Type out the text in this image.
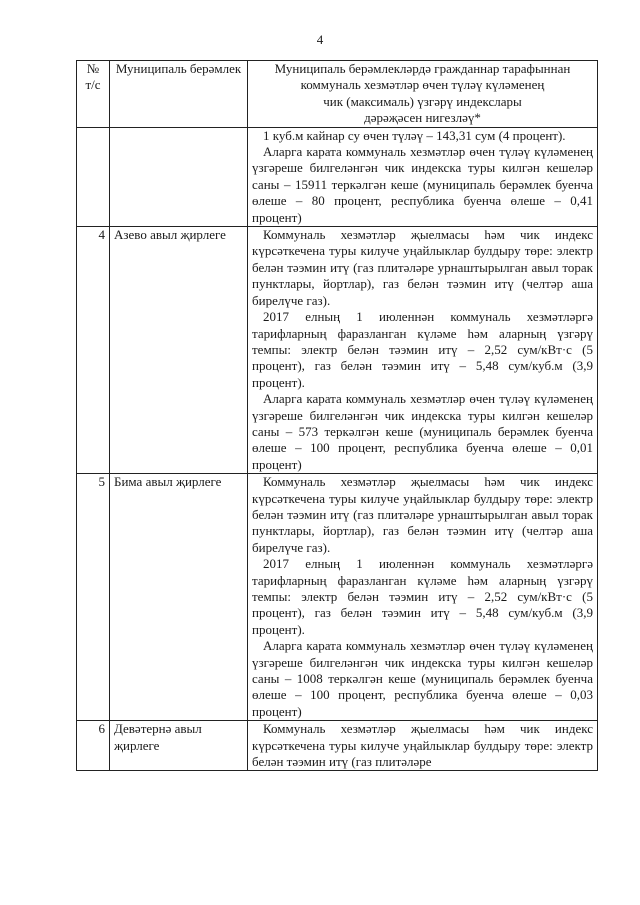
4
№ т/с	Муниципаль берәмлек	Муниципаль берәмлекләрдә гражданнар тарафыннан
коммуналь хезмәтләр өчен түләү күләменең
чик (максималь) үзгәрү индекслары
дәрәҗәсен нигезләү*

		1 куб.м кайнар су өчен түләү – 143,31 сум (4 процент).

Аларга карата коммуналь хезмәтләр өчен түләү күләменең үзгәреше билгеләнгән чик индекска туры килгән кешеләр саны – 15911 теркәлгән кеше (муниципаль берәмлек буенча өлеше – 80 процент, республика буенча өлеше – 0,41 процент)

4	Азево авыл җирлеге	Коммуналь хезмәтләр җыелмасы һәм чик индекс күрсәткечена туры килучe уңайлыклар булдыру төре: электр белән тәэмин итү (газ плитәләре урнаштырылган авыл торак пунктлары, йортлар), газ белән тәэмин итү (челтәр аша бирелүче газ).

2017 елның 1 июленнән коммуналь хезмәтләргә тарифларның фаразланган күләме һәм аларның үзгәрү темпы: электр белән тәэмин итү – 2,52 сум/кВт·с (5 процент), газ белән тәэмин итү – 5,48 сум/куб.м (3,9 процент).

Аларга карата коммуналь хезмәтләр өчен түләү күләменең үзгәреше билгеләнгән чик индекска туры килгән кешеләр саны – 573 теркәлгән кеше (муниципаль берәмлек буенча өлеше – 100 процент, республика буенча өлеше – 0,01 процент)

5	Бима авыл җирлеге	Коммуналь хезмәтләр җыелмасы һәм чик индекс күрсәткечена туры килучe уңайлыклар булдыру төре: электр белән тәэмин итү (газ плитәләре урнаштырылган авыл торак пунктлары, йортлар), газ белән тәэмин итү (челтәр аша бирелүче газ).

2017 елның 1 июленнән коммуналь хезмәтләргә тарифларның фаразланган күләме һәм аларның үзгәрү темпы: электр белән тәэмин итү – 2,52 сум/кВт·с (5 процент), газ белән тәэмин итү – 5,48 сум/куб.м (3,9 процент).

Аларга карата коммуналь хезмәтләр өчен түләү күләменең үзгәреше билгеләнгән чик индекска туры килгән кешеләр саны – 1008 теркәлгән кеше (муниципаль берәмлек буенча өлеше – 100 процент, республика буенча өлеше – 0,03 процент)

6	Девәтернә авыл җирлеге	Коммуналь хезмәтләр җыелмасы һәм чик индекс күрсәткечена туры килучe уңайлыклар булдыру төре: электр белән тәэмин итү (газ плитәләре
